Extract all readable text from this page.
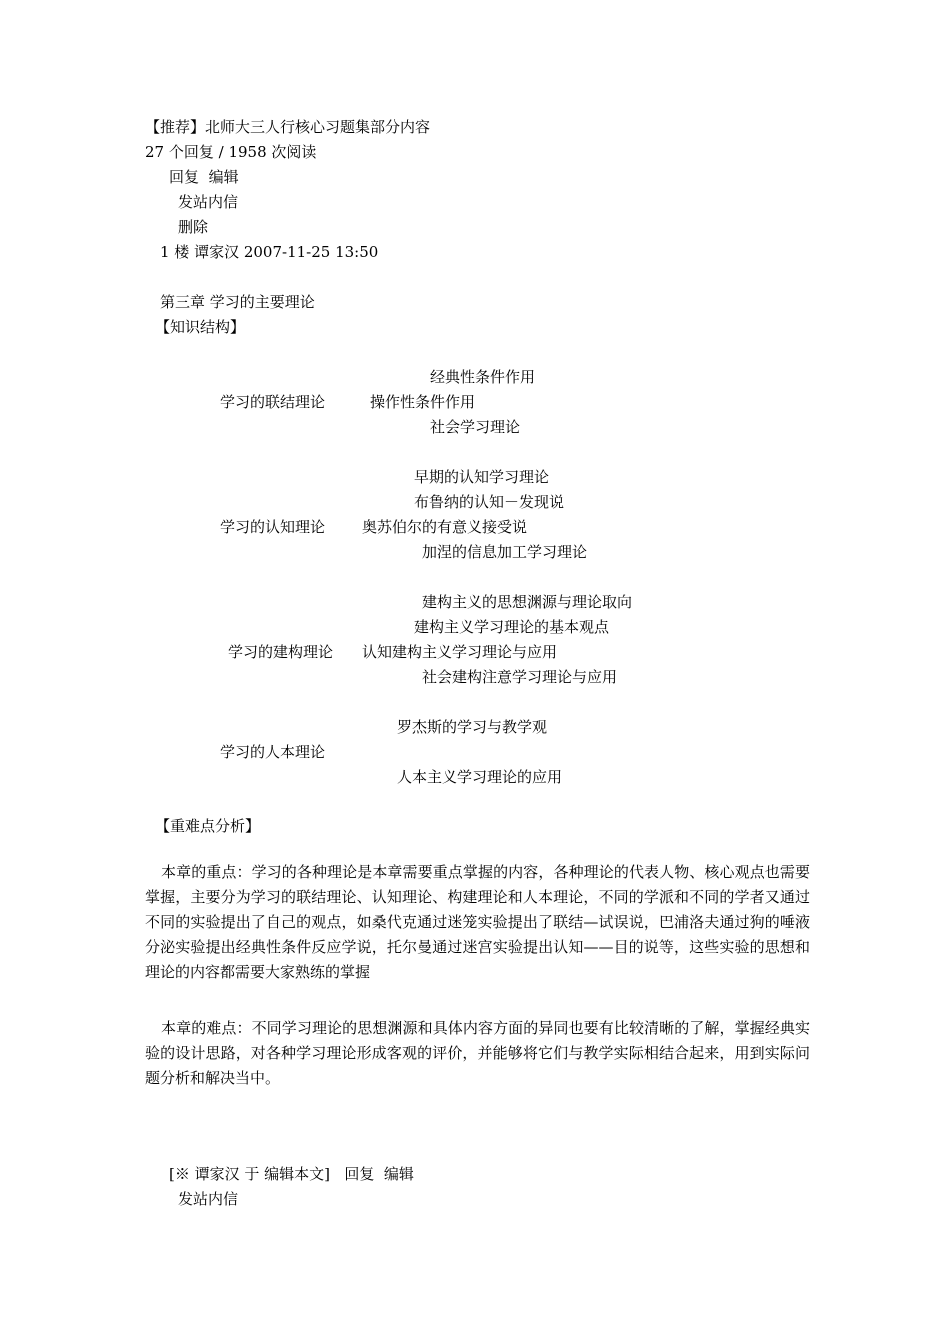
【推荐】北师大三人行核心习题集部分内容

27 个回复 / 1958 次阅读

回复 编辑

发站内信

删除

1 楼 谭家汉 2007-11-25 13:50

第三章 学习的主要理论

【知识结构】

经典性条件作用

学习的联结理论	操作性条件作用

社会学习理论

早期的认知学习理论

布鲁纳的认知－发现说

学习的认知理论 奥苏伯尔的有意义接受说

加涅的信息加工学习理论

建构主义的思想渊源与理论取向

建构主义学习理论的基本观点

学习的建构理论 认知建构主义学习理论与应用

社会建构注意学习理论与应用

罗杰斯的学习与教学观

学习的人本理论

人本主义学习理论的应用

【重难点分析】

本章的重点：学习的各种理论是本章需要重点掌握的内容，各种理论的代表人物、核心观点也需要掌握，主要分为学习的联结理论、认知理论、构建理论和人本理论，不同的学派和不同的学者又通过不同的实验提出了自己的观点，如桑代克通过迷笼实验提出了联结—试误说，巴浦洛夫通过狗的唾液分泌实验提出经典性条件反应学说，托尔曼通过迷宫实验提出认知——目的说等，这些实验的思想和理论的内容都需要大家熟练的掌握

本章的难点：不同学习理论的思想渊源和具体内容方面的异同也要有比较清晰的了解，掌握经典实验的设计思路，对各种学习理论形成客观的评价，并能够将它们与教学实际相结合起来，用到实际问题分析和解决当中。

[※ 谭家汉 于 编辑本文] 回复 编辑

发站内信
